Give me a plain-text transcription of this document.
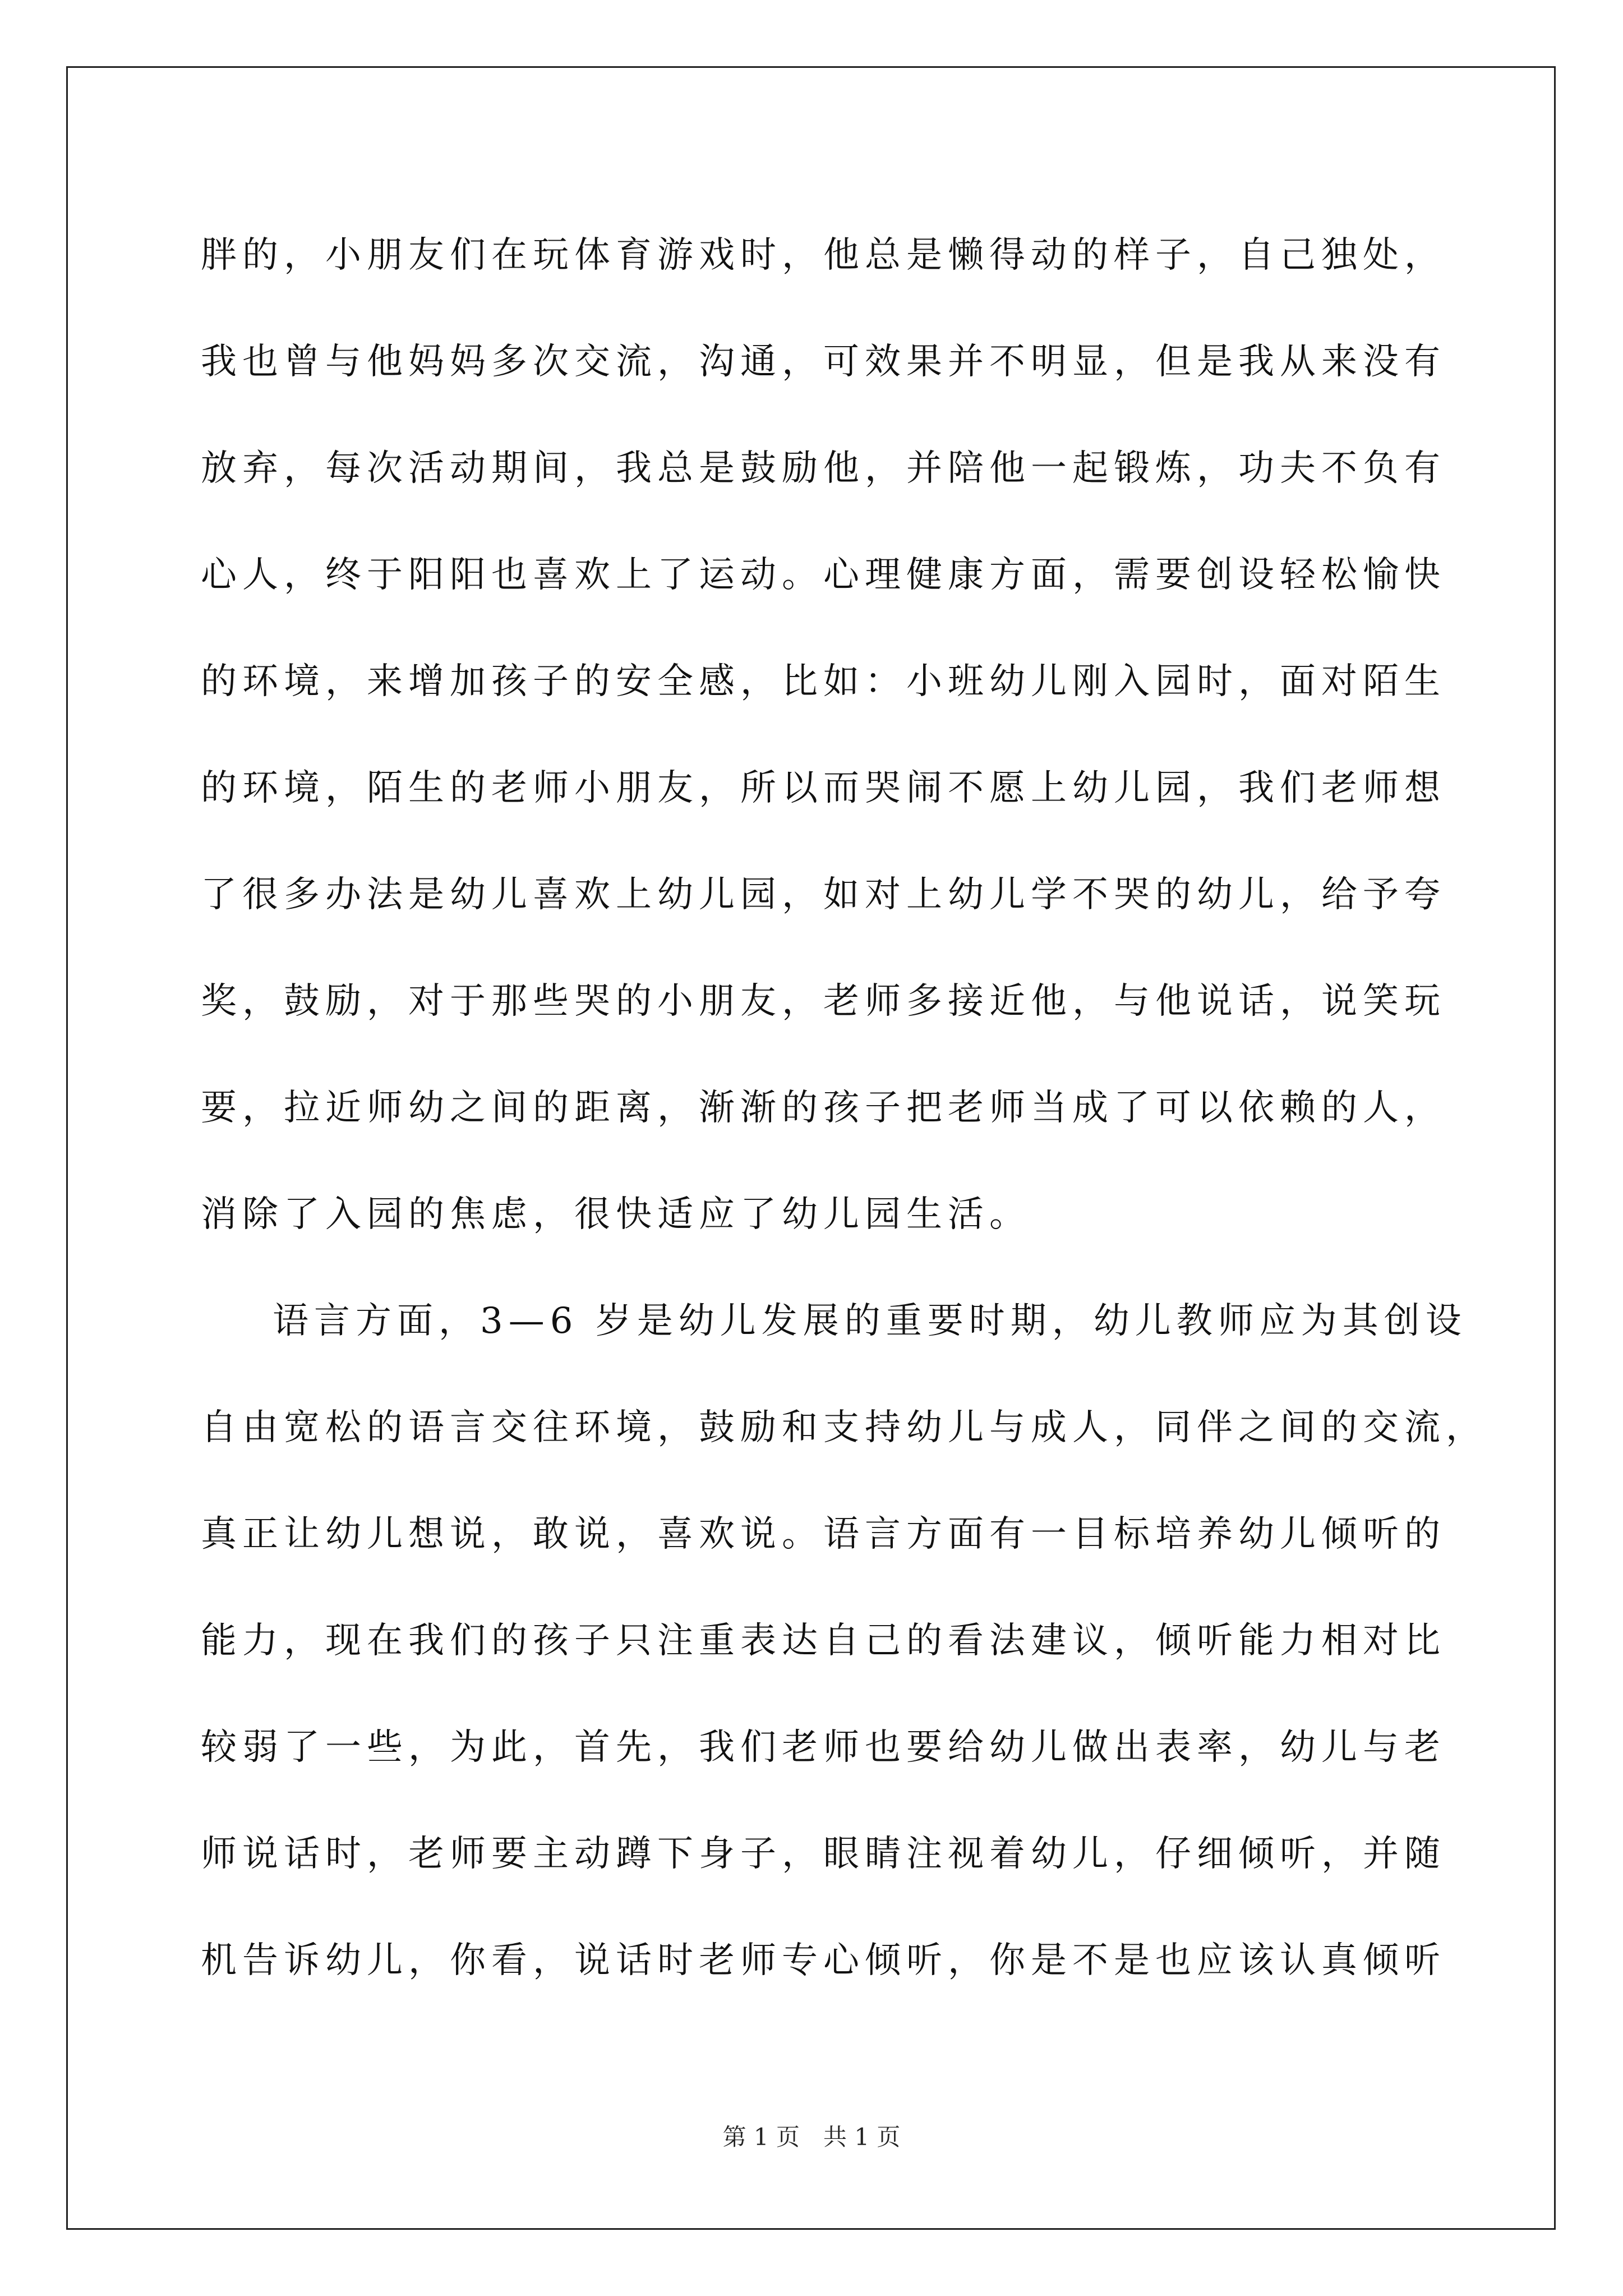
胖的，小朋友们在玩体育游戏时，他总是懒得动的样子，自己独处，
我也曾与他妈妈多次交流，沟通，可效果并不明显，但是我从来没有
放弃，每次活动期间，我总是鼓励他，并陪他一起锻炼，功夫不负有
心人，终于阳阳也喜欢上了运动。心理健康方面，需要创设轻松愉快
的环境，来增加孩子的安全感，比如：小班幼儿刚入园时，面对陌生
的环境，陌生的老师小朋友，所以而哭闹不愿上幼儿园，我们老师想
了很多办法是幼儿喜欢上幼儿园，如对上幼儿学不哭的幼儿，给予夸
奖，鼓励，对于那些哭的小朋友，老师多接近他，与他说话，说笑玩
要，拉近师幼之间的距离，渐渐的孩子把老师当成了可以依赖的人，
消除了入园的焦虑，很快适应了幼儿园生活。
语言方面，3—6 岁是幼儿发展的重要时期，幼儿教师应为其创设
自由宽松的语言交往环境，鼓励和支持幼儿与成人，同伴之间的交流，
真正让幼儿想说，敢说，喜欢说。语言方面有一目标培养幼儿倾听的
能力，现在我们的孩子只注重表达自己的看法建议，倾听能力相对比
较弱了一些，为此，首先，我们老师也要给幼儿做出表率，幼儿与老
师说话时，老师要主动蹲下身子，眼睛注视着幼儿，仔细倾听，并随
机告诉幼儿，你看，说话时老师专心倾听，你是不是也应该认真倾听
第 1 页　共 1 页
